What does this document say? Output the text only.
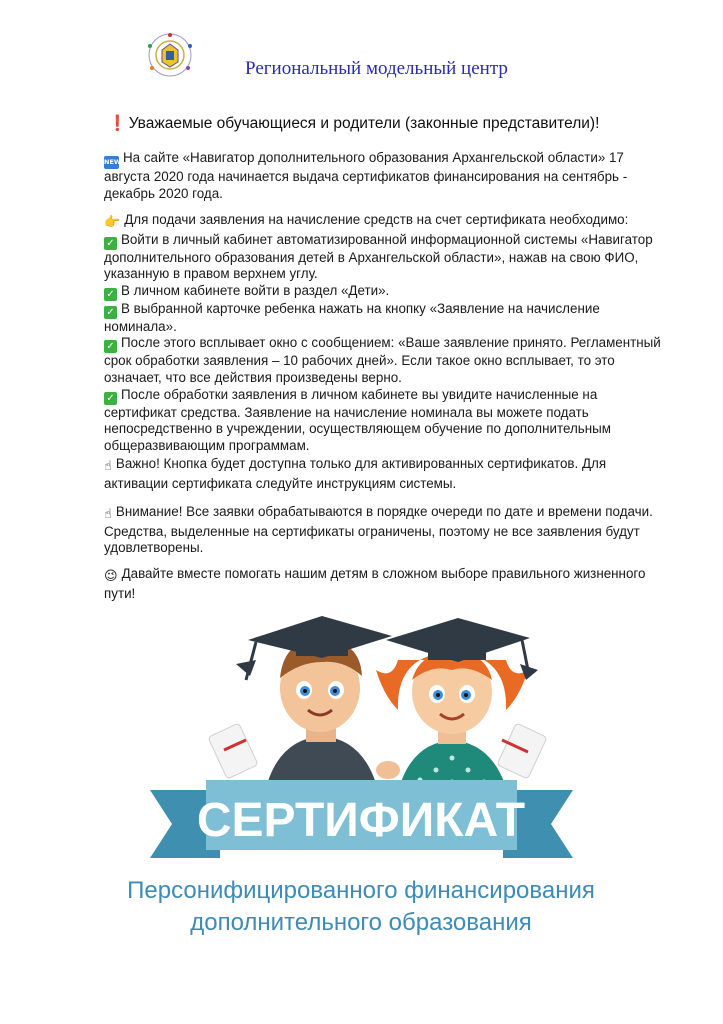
Региональный модельный центр
❗ Уважаемые обучающиеся и родители (законные представители)!
NEW На сайте «Навигатор дополнительного образования Архангельской области» 17 августа 2020 года начинается выдача сертификатов финансирования на сентябрь - декабрь 2020 года.
👉 Для подачи заявления на начисление средств на счет сертификата необходимо:
✓ Войти в личный кабинет автоматизированной информационной системы «Навигатор дополнительного образования детей в Архангельской области», нажав на свою ФИО, указанную в правом верхнем углу.
✓ В личном кабинете войти в раздел «Дети».
✓ В выбранной карточке ребенка нажать на кнопку «Заявление на начисление номинала».
✓ После этого всплывает окно с сообщением: «Ваше заявление принято. Регламентный срок обработки заявления – 10 рабочих дней». Если такое окно всплывает, то это означает, что все действия произведены верно.
✓ После обработки заявления в личном кабинете вы увидите начисленные на сертификат средства. Заявление на начисление номинала вы можете подать непосредственно в учреждении, осуществляющем обучение по дополнительным общеразвивающим программам.
☝ Важно! Кнопка будет доступна только для активированных сертификатов. Для активации сертификата следуйте инструкциям системы.
☝ Внимание! Все заявки обрабатываются в порядке очереди по дате и времени подачи. Средства, выделенные на сертификаты ограничены, поэтому не все заявления будут удовлетворены.
😉 Давайте вместе помогать нашим детям в сложном выборе правильного жизненного пути!
СЕРТИФИКАТ
Персонифицированного финансирования
дополнительного образования
